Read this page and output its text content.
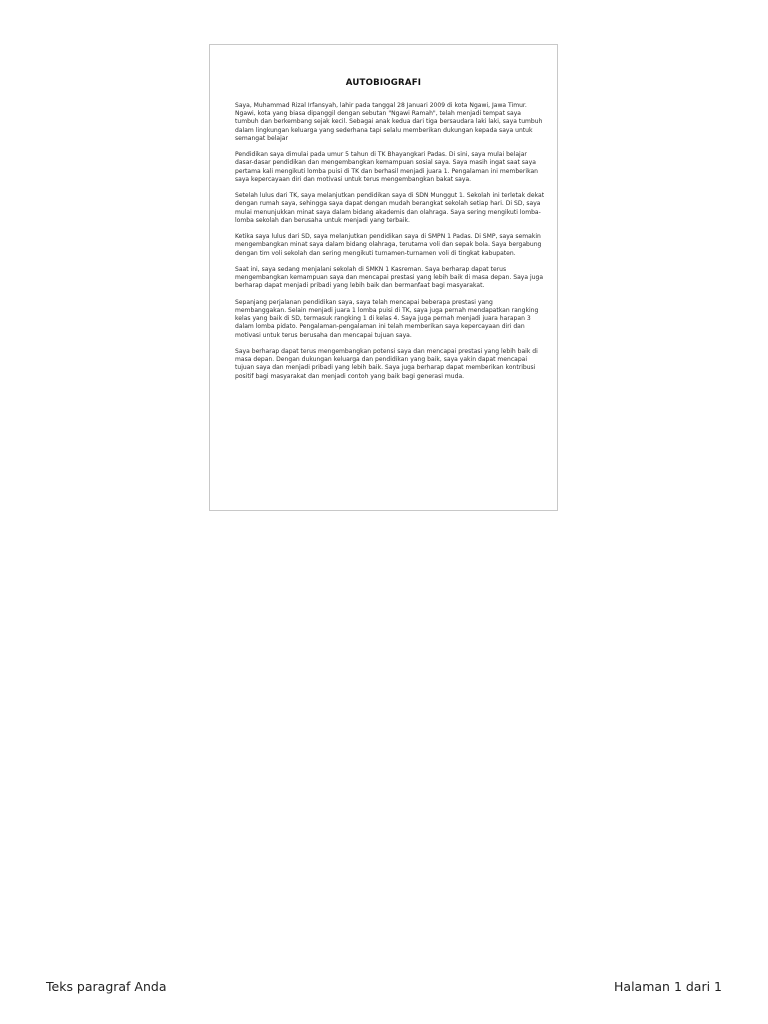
AUTOBIOGRAFI

Saya, Muhammad Rizal Irfansyah, lahir pada tanggal 28 Januari 2009 di kota Ngawi, Jawa Timur. Ngawi, kota yang biasa dipanggil dengan sebutan "Ngawi Ramah", telah menjadi tempat saya tumbuh dan berkembang sejak kecil. Sebagai anak kedua dari tiga bersaudara laki laki, saya tumbuh dalam lingkungan keluarga yang sederhana tapi selalu memberikan dukungan kepada saya untuk semangat belajar

Pendidikan saya dimulai pada umur 5 tahun di TK Bhayangkari Padas. Di sini, saya mulai belajar dasar-dasar pendidikan dan mengembangkan kemampuan sosial saya. Saya masih ingat saat saya pertama kali mengikuti lomba puisi di TK dan berhasil menjadi juara 1. Pengalaman ini memberikan saya kepercayaan diri dan motivasi untuk terus mengembangkan bakat saya.

Setelah lulus dari TK, saya melanjutkan pendidikan saya di SDN Munggut 1. Sekolah ini terletak dekat dengan rumah saya, sehingga saya dapat dengan mudah berangkat sekolah setiap hari. Di SD, saya mulai menunjukkan minat saya dalam bidang akademis dan olahraga. Saya sering mengikuti lomba-lomba sekolah dan berusaha untuk menjadi yang terbaik.

Ketika saya lulus dari SD, saya melanjutkan pendidikan saya di SMPN 1 Padas. Di SMP, saya semakin mengembangkan minat saya dalam bidang olahraga, terutama voli dan sepak bola. Saya bergabung dengan tim voli sekolah dan sering mengikuti turnamen-turnamen voli di tingkat kabupaten.

Saat ini, saya sedang menjalani sekolah di SMKN 1 Kasreman. Saya berharap dapat terus mengembangkan kemampuan saya dan mencapai prestasi yang lebih baik di masa depan. Saya juga berharap dapat menjadi pribadi yang lebih baik dan bermanfaat bagi masyarakat.

Sepanjang perjalanan pendidikan saya, saya telah mencapai beberapa prestasi yang membanggakan. Selain menjadi juara 1 lomba puisi di TK, saya juga pernah mendapatkan rangking kelas yang baik di SD, termasuk rangking 1 di kelas 4. Saya juga pernah menjadi juara harapan 3 dalam lomba pidato. Pengalaman-pengalaman ini telah memberikan saya kepercayaan diri dan motivasi untuk terus berusaha dan mencapai tujuan saya.

Saya berharap dapat terus mengembangkan potensi saya dan mencapai prestasi yang lebih baik di masa depan. Dengan dukungan keluarga dan pendidikan yang baik, saya yakin dapat mencapai tujuan saya dan menjadi pribadi yang lebih baik. Saya juga berharap dapat memberikan kontribusi positif bagi masyarakat dan menjadi contoh yang baik bagi generasi muda.

Teks paragraf Anda	Halaman 1 dari 1
